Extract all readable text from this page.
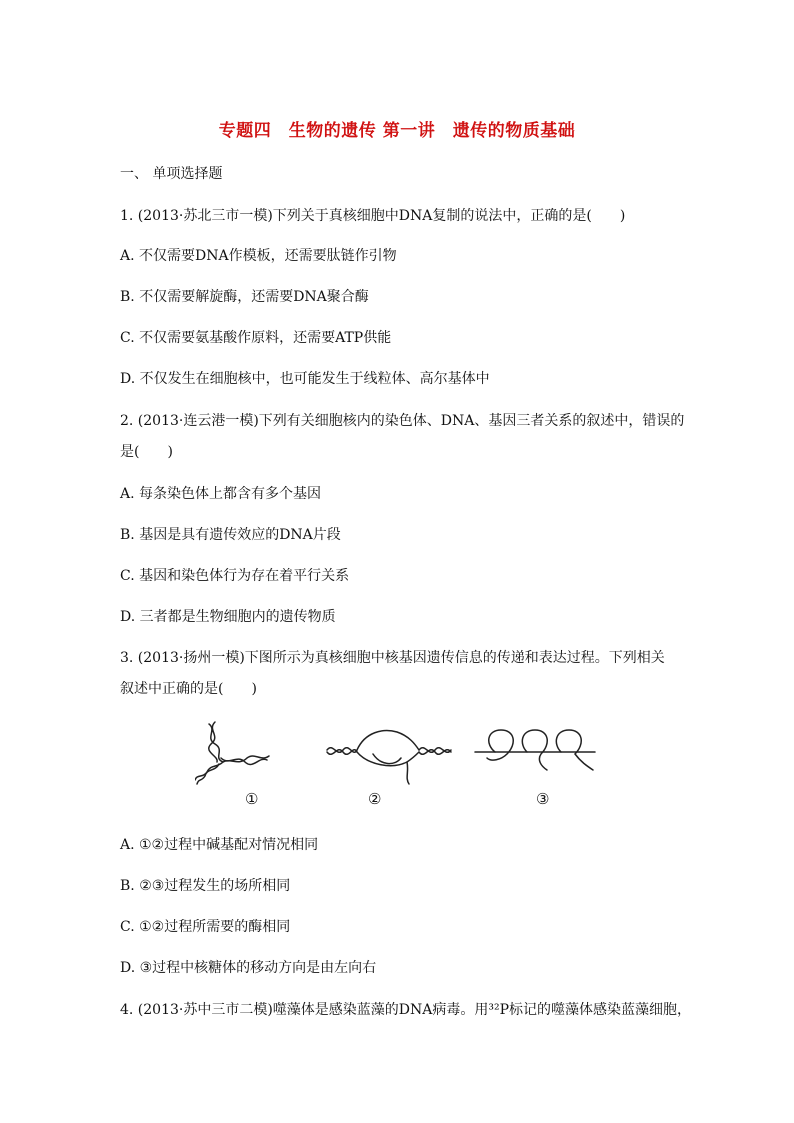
专题四　生物的遗传 第一讲　遗传的物质基础
一、 单项选择题
1. (2013·苏北三市一模)下列关于真核细胞中DNA复制的说法中，正确的是(　　)
A. 不仅需要DNA作模板，还需要肽链作引物
B. 不仅需要解旋酶，还需要DNA聚合酶
C. 不仅需要氨基酸作原料，还需要ATP供能
D. 不仅发生在细胞核中，也可能发生于线粒体、高尔基体中
2. (2013·连云港一模)下列有关细胞核内的染色体、DNA、基因三者关系的叙述中，错误的
是(　　)
A. 每条染色体上都含有多个基因
B. 基因是具有遗传效应的DNA片段
C. 基因和染色体行为存在着平行关系
D. 三者都是生物细胞内的遗传物质
3. (2013·扬州一模)下图所示为真核细胞中核基因遗传信息的传递和表达过程。下列相关
叙述中正确的是(　　)
①	②	③
A. ①②过程中碱基配对情况相同
B. ②③过程发生的场所相同
C. ①②过程所需要的酶相同
D. ③过程中核糖体的移动方向是由左向右
4. (2013·苏中三市二模)噬藻体是感染蓝藻的DNA病毒。用³²P标记的噬藻体感染蓝藻细胞，
